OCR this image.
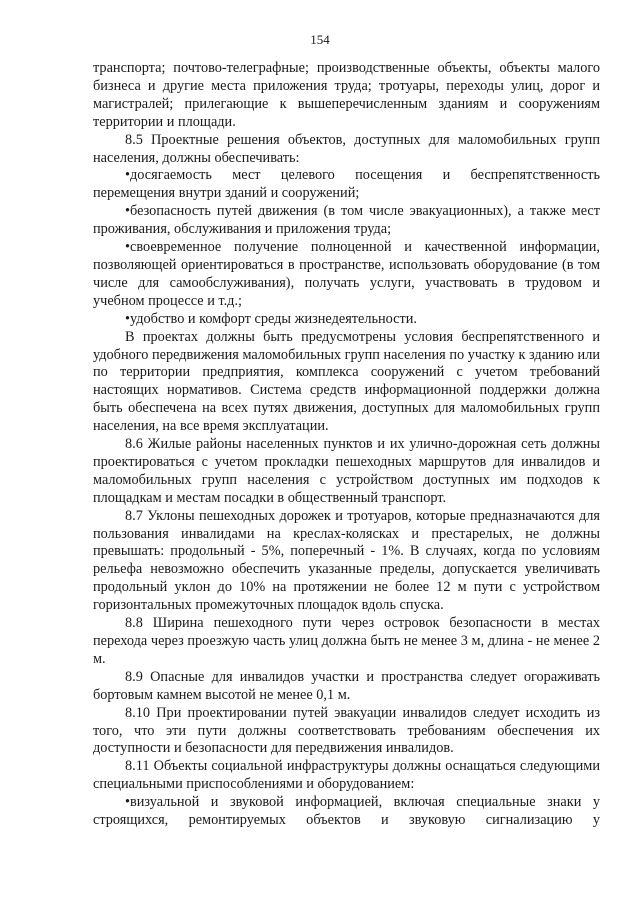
154

транспорта; почтово-телеграфные; производственные объекты, объекты малого бизнеса и другие места приложения труда; тротуары, переходы улиц, дорог и магистралей; прилегающие к вышеперечисленным зданиям и сооружениям территории и площади.

8.5 Проектные решения объектов, доступных для маломобильных групп населения, должны обеспечивать:

•досягаемость мест целевого посещения и беспрепятственность перемещения внутри зданий и сооружений;

•безопасность путей движения (в том числе эвакуационных), а также мест проживания, обслуживания и приложения труда;

•своевременное получение полноценной и качественной информации, позволяющей ориентироваться в пространстве, использовать оборудование (в том числе для самообслуживания), получать услуги, участвовать в трудовом и учебном процессе и т.д.;

•удобство и комфорт среды жизнедеятельности.

В проектах должны быть предусмотрены условия беспрепятственного и удобного передвижения маломобильных групп населения по участку к зданию или по территории предприятия, комплекса сооружений с учетом требований настоящих нормативов. Система средств информационной поддержки должна быть обеспечена на всех путях движения, доступных для маломобильных групп населения, на все время эксплуатации.

8.6 Жилые районы населенных пунктов и их улично-дорожная сеть должны проектироваться с учетом прокладки пешеходных маршрутов для инвалидов и маломобильных групп населения с устройством доступных им подходов к площадкам и местам посадки в общественный транспорт.

8.7 Уклоны пешеходных дорожек и тротуаров, которые предназначаются для пользования инвалидами на креслах-колясках и престарелых, не должны превышать: продольный - 5%, поперечный - 1%. В случаях, когда по условиям рельефа невозможно обеспечить указанные пределы, допускается увеличивать продольный уклон до 10% на протяжении не более 12 м пути с устройством горизонтальных промежуточных площадок вдоль спуска.

8.8 Ширина пешеходного пути через островок безопасности в местах перехода через проезжую часть улиц должна быть не менее 3 м, длина - не менее 2 м.

8.9 Опасные для инвалидов участки и пространства следует огораживать бортовым камнем высотой не менее 0,1 м.

8.10 При проектировании путей эвакуации инвалидов следует исходить из того, что эти пути должны соответствовать требованиям обеспечения их доступности и безопасности для передвижения инвалидов.

8.11 Объекты социальной инфраструктуры должны оснащаться следующими специальными приспособлениями и оборудованием:

•визуальной и звуковой информацией, включая специальные знаки у строящихся, ремонтируемых объектов и звуковую сигнализацию у
